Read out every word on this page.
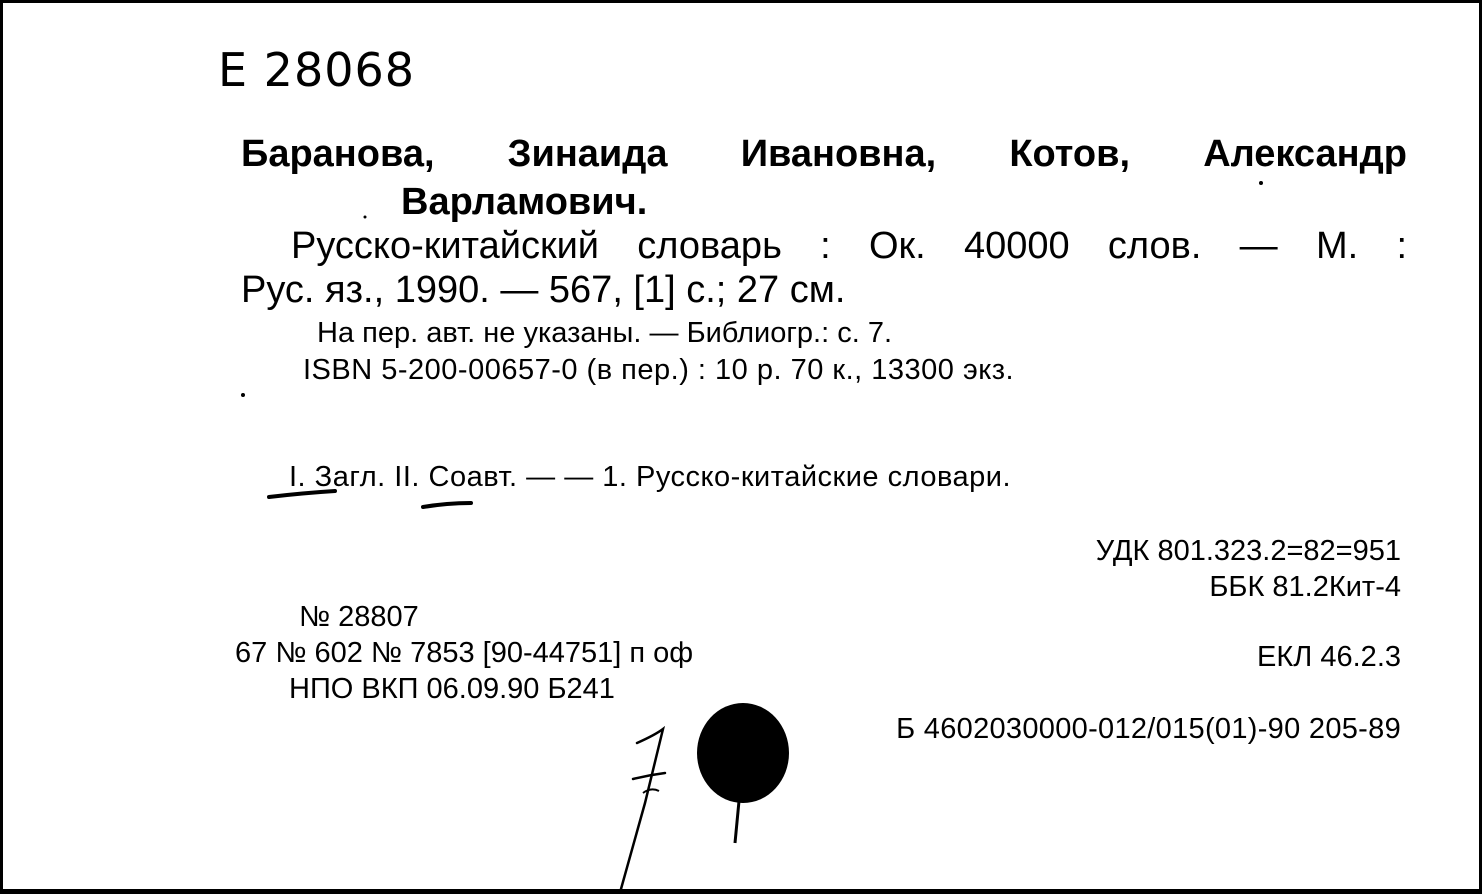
Е 28068
Баранова, Зинаида Ивановна, Котов, Александр
Варламович.
Русско-китайский словарь : Ок. 40000 слов. — М. :
Рус. яз., 1990. — 567, [1] с.; 27 см.
На пер. авт. не указаны. — Библиогр.: с. 7.
ISBN 5-200-00657-0 (в пер.) : 10 р. 70 к., 13300 экз.
I. Загл. II. Соавт. — — 1. Русско-китайские словари.
УДК 801.323.2=82=951
ББК 81.2Кит-4
ЕКЛ 46.2.3
№ 28807
67 № 602 № 7853 [90-44751] п оф
НПО ВКП 06.09.90 Б241
Б 4602030000-012/015(01)-90 205-89
